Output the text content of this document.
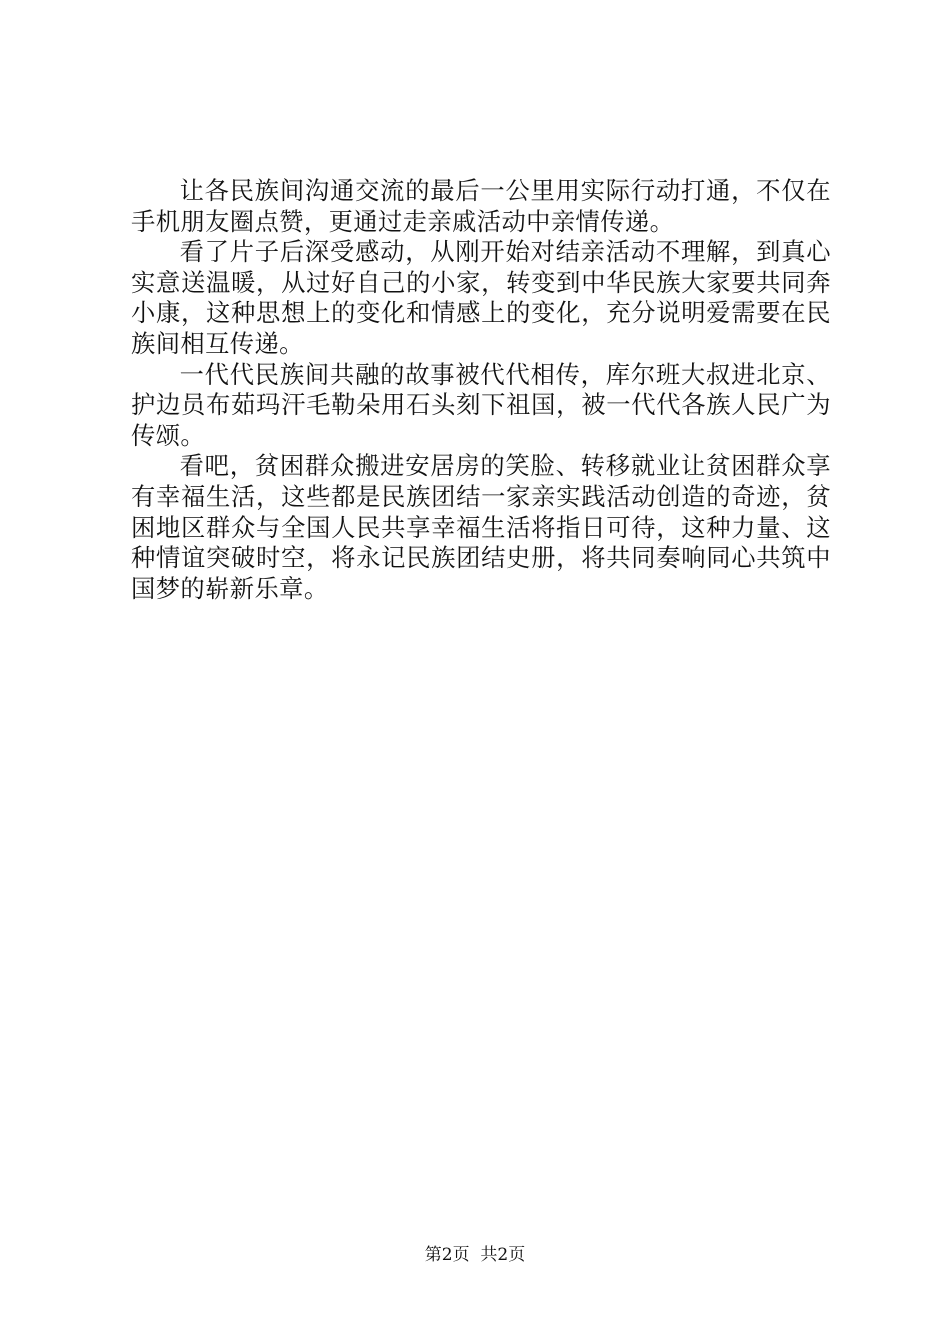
让各民族间沟通交流的最后一公里用实际行动打通，不仅在手机朋友圈点赞，更通过走亲戚活动中亲情传递。

看了片子后深受感动，从刚开始对结亲活动不理解，到真心实意送温暖，从过好自己的小家，转变到中华民族大家要共同奔小康，这种思想上的变化和情感上的变化，充分说明爱需要在民族间相互传递。

一代代民族间共融的故事被代代相传，库尔班大叔进北京、护边员布茹玛汗毛勒朵用石头刻下祖国，被一代代各族人民广为传颂。

看吧，贫困群众搬进安居房的笑脸、转移就业让贫困群众享有幸福生活，这些都是民族团结一家亲实践活动创造的奇迹，贫困地区群众与全国人民共享幸福生活将指日可待，这种力量、这种情谊突破时空，将永记民族团结史册，将共同奏响同心共筑中国梦的崭新乐章。

第2页  共2页
